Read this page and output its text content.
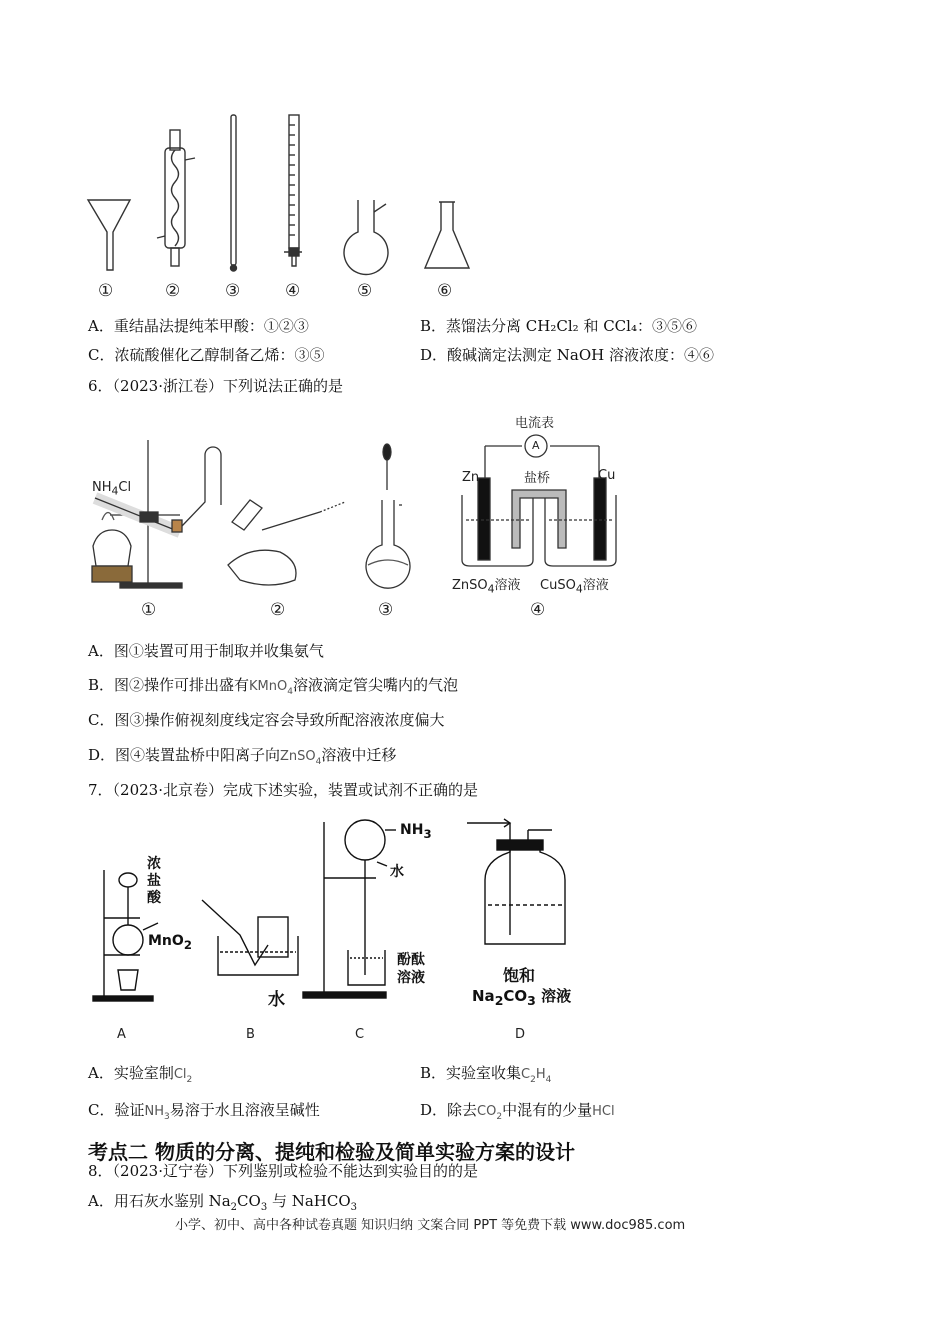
①	②	③	④	⑤	⑥
A．重结晶法提纯苯甲酸：①②③	B．蒸馏法分离 CH₂Cl₂ 和 CCl₄：③⑤⑥
C．浓硫酸催化乙醇制备乙烯：③⑤	D．酸碱滴定法测定 NaOH 溶液浓度：④⑥
6．（2023·浙江卷）下列说法正确的是
$NH_4Cl$
电流表
A
盐桥
Zn	Cu
ZnSO$_4$溶液 CuSO$_4$溶液
①	②	③	④
A．图①装置可用于制取并收集氨气
B．图②操作可排出盛有KMnO$_4$溶液滴定管尖嘴内的气泡
C．图③操作俯视刻度线定容会导致所配溶液浓度偏大
D．图④装置盐桥中阳离子向ZnSO$_4$溶液中迁移
7．（2023·北京卷）完成下述实验，装置或试剂不正确的是
浓
盐
酸
MnO$_2$
水
$NH_3$
水
酚酞
溶液	饱和
$Na_2CO_3$ 溶液
A	B	C	D
A．实验室制$Cl_2$	B．实验室收集$C_2H_4$
C．验证$NH_3$易溶于水且溶液呈碱性	D．除去$CO_2$中混有的少量HCl
考点二 物质的分离、提纯和检验及简单实验方案的设计
8．（2023·辽宁卷）下列鉴别或检验不能达到实验目的的是
A．用石灰水鉴别 $Na_2CO_3$ 与 NaHCO$_3$
小学、初中、高中各种试卷真题 知识归纳 文案合同 PPT 等免费下载 www.doc985.com
